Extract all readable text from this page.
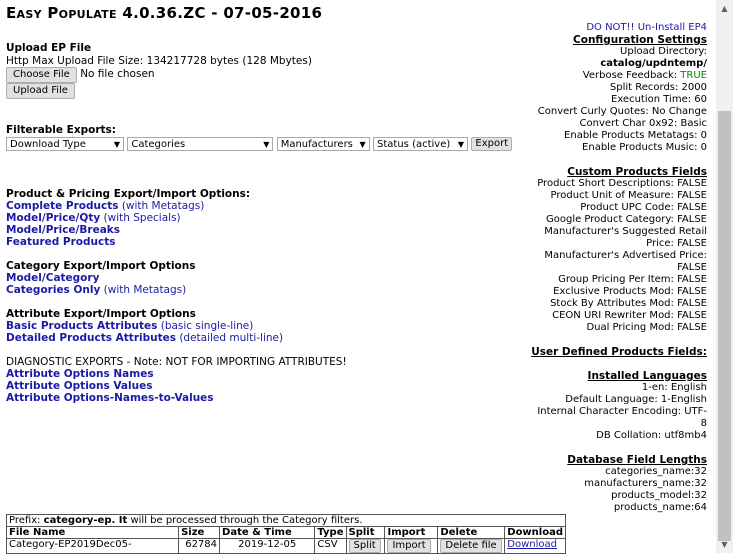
Easy Populate 4.0.36.ZC - 07-05-2016
Upload EP File
Http Max Upload File Size: 134217728 bytes (128 Mbytes)
Choose File No file chosen
Upload File
Filterable Exports:
Download Type	▼ Categories	▼ Manufacturers ▼ Status (active) ▼ Export
Product & Pricing Export/Import Options:
Complete Products (with Metatags)
Model/Price/Qty (with Specials)
Model/Price/Breaks
Featured Products
Category Export/Import Options
Model/Category
Categories Only (with Metatags)
Attribute Export/Import Options
Basic Products Attributes (basic single-line)
Detailed Products Attributes (detailed multi-line)
DIAGNOSTIC EXPORTS - Note: NOT FOR IMPORTING ATTRIBUTES!
Attribute Options Names
Attribute Options Values
Attribute Options-Names-to-Values
DO NOT!! Un-Install EP4
Configuration Settings
Upload Directory:
catalog/updntemp/
Verbose Feedback: TRUE
Split Records: 2000
Execution Time: 60
Convert Curly Quotes: No Change
Convert Char 0x92: Basic
Enable Products Metatags: 0
Enable Products Music: 0
Custom Products Fields
Product Short Descriptions: FALSE
Product Unit of Measure: FALSE
Product UPC Code: FALSE
Google Product Category: FALSE
Manufacturer's Suggested Retail
Price: FALSE
Manufacturer's Advertised Price:
FALSE
Group Pricing Per Item: FALSE
Exclusive Products Mod: FALSE
Stock By Attributes Mod: FALSE
CEON URI Rewriter Mod: FALSE
Dual Pricing Mod: FALSE
User Defined Products Fields:
Installed Languages
1-en: English
Default Language: 1-English
Internal Character Encoding: UTF-
8
DB Collation: utf8mb4
Database Field Lengths
categories_name:32
manufacturers_name:32
products_model:32
products_name:64
Prefix: category-ep. It will be processed through the Category filters.							
File Name	Size	Date & Time	Type	Split	Import	Delete	Download
Category-EP2019Dec05-	62784	2019-12-05	CSV	Split	Import	Delete file	Download
▲
▼
